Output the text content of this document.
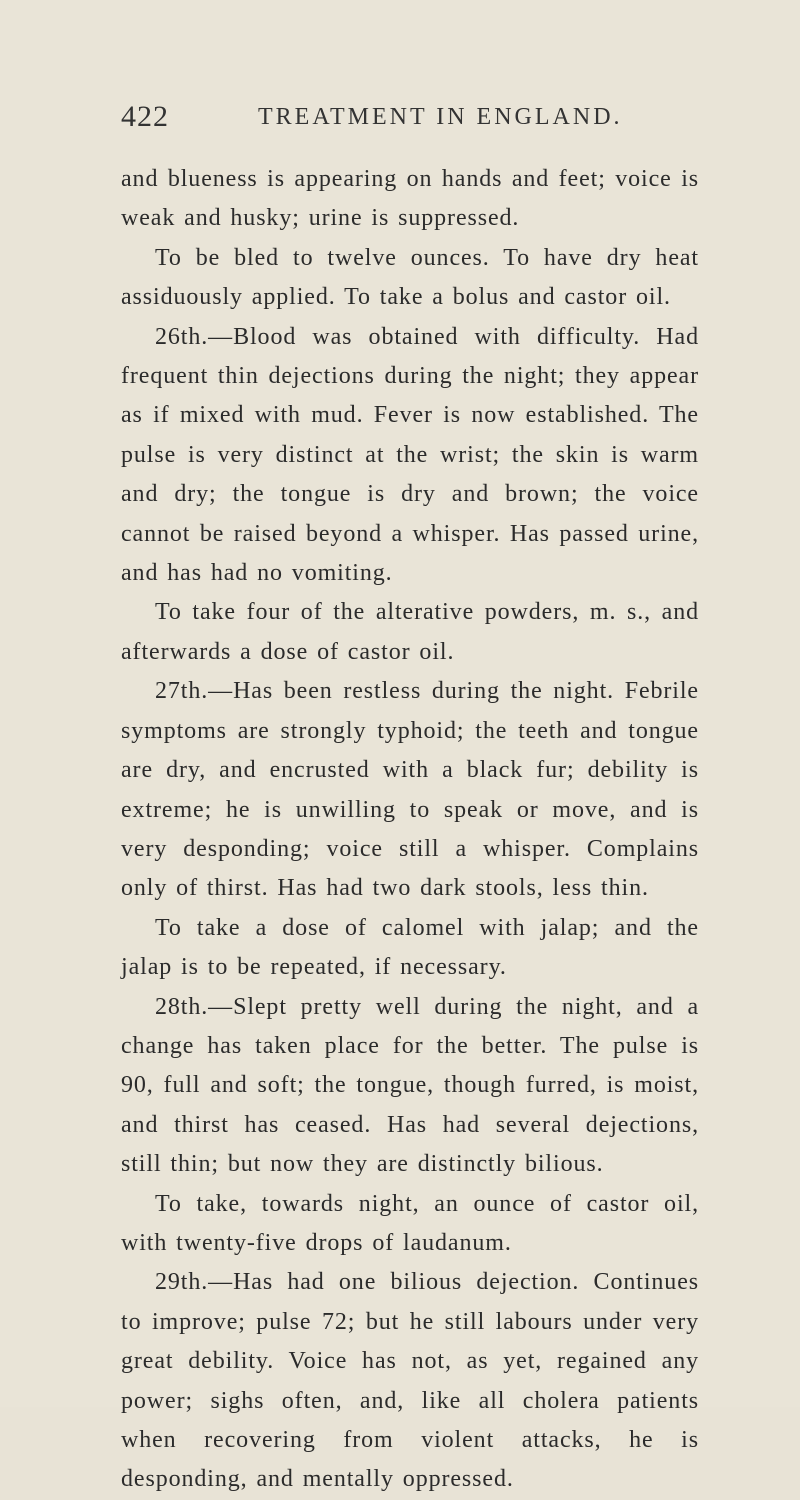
422	TREATMENT IN ENGLAND.

and blueness is appearing on hands and feet; voice is weak and husky; urine is suppressed.

To be bled to twelve ounces. To have dry heat assiduously applied. To take a bolus and castor oil.

26th.—Blood was obtained with difficulty. Had frequent thin dejections during the night; they appear as if mixed with mud. Fever is now established. The pulse is very distinct at the wrist; the skin is warm and dry; the tongue is dry and brown; the voice cannot be raised beyond a whisper. Has passed urine, and has had no vomiting.

To take four of the alterative powders, m. s., and afterwards a dose of castor oil.

27th.—Has been restless during the night. Febrile symptoms are strongly typhoid; the teeth and tongue are dry, and encrusted with a black fur; debility is extreme; he is unwilling to speak or move, and is very desponding; voice still a whisper. Complains only of thirst. Has had two dark stools, less thin.

To take a dose of calomel with jalap; and the jalap is to be repeated, if necessary.

28th.—Slept pretty well during the night, and a change has taken place for the better. The pulse is 90, full and soft; the tongue, though furred, is moist, and thirst has ceased. Has had several dejections, still thin; but now they are distinctly bilious.

To take, towards night, an ounce of castor oil, with twenty-five drops of laudanum.

29th.—Has had one bilious dejection. Continues to improve; pulse 72; but he still labours under very great debility. Voice has not, as yet, regained any power; sighs often, and, like all cholera patients when recovering from violent attacks, he is desponding, and mentally oppressed.
